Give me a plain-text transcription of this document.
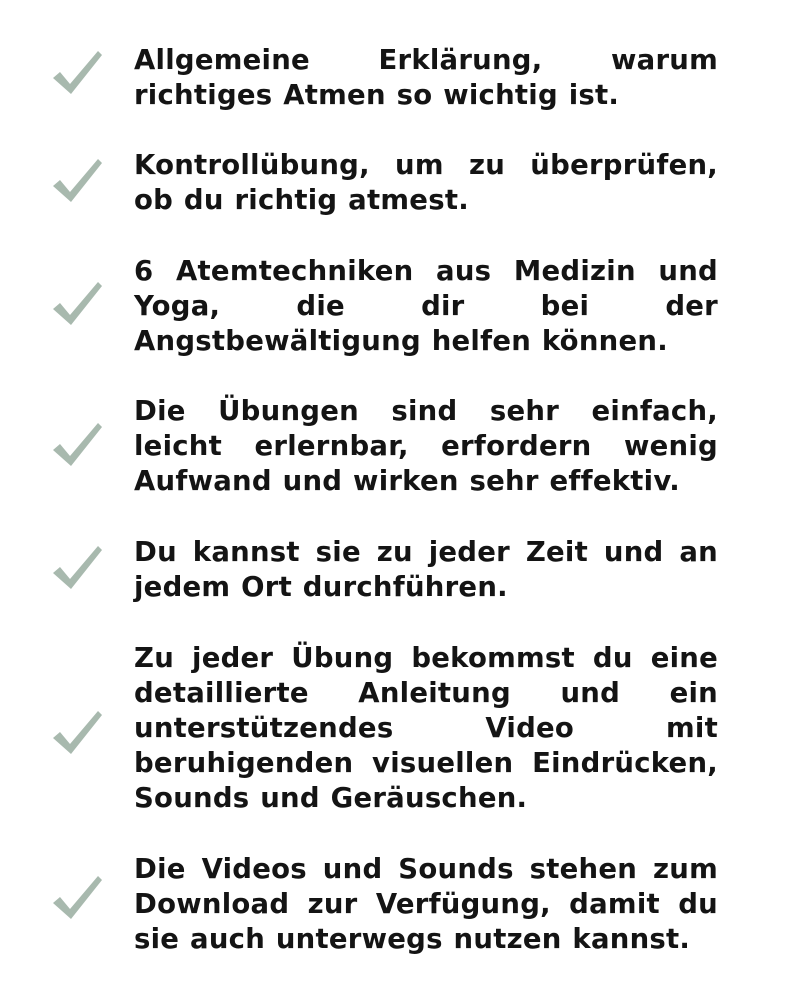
Allgemeine Erklärung, warum richtiges Atmen so wichtig ist.

Kontrollübung, um zu überprüfen, ob du richtig atmest.

6 Atemtechniken aus Medizin und Yoga, die dir bei der Angstbewältigung helfen können.

Die Übungen sind sehr einfach, leicht erlernbar, erfordern wenig Aufwand und wirken sehr effektiv.

Du kannst sie zu jeder Zeit und an jedem Ort durchführen.

Zu jeder Übung bekommst du eine detaillierte Anleitung und ein unterstützendes Video mit beruhigenden visuellen Eindrücken, Sounds und Geräuschen.

Die Videos und Sounds stehen zum Download zur Verfügung, damit du sie auch unterwegs nutzen kannst.
